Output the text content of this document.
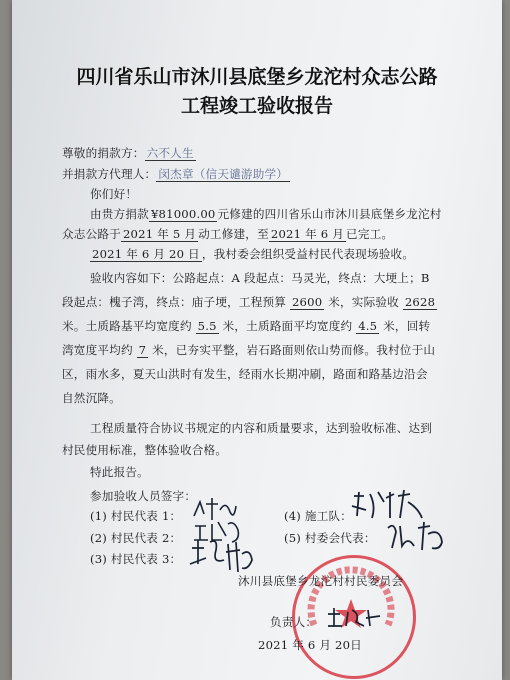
四川省乐山市沐川县底堡乡龙沱村众志公路
工程竣工验收报告
尊敬的捐款方： 六不人生
并捐款方代理人： 闵杰章（信天谴游助学）
你们好！
由贵方捐款 ¥81000.00 元修建的四川省乐山市沐川县底堡乡龙沱村
众志公路于 2021 年 5 月 动工修建，至 2021 年 6 月 已完工。
2021 年 6 月 20 日 ，我村委会组织受益村民代表现场验收。
验收内容如下：公路起点：A 段起点：马灵光，终点：大埂上；B
段起点：槐子湾，终点：庙子埂，工程预算 2600 米，实际验收 2628
米。土质路基平均宽度约 5.5 米，土质路面平均宽度约 4.5 米，回转
湾宽度平均约 7 米，已夯实平整，岩石路面则依山势而修。我村位于山
区，雨水多，夏天山洪时有发生，经雨水长期冲刷，路面和路基边沿会
自然沉降。
工程质量符合协议书规定的内容和质量要求，达到验收标准、达到
村民使用标准，整体验收合格。
特此报告。
参加验收人员签字：
(1) 村民代表 1：
(2) 村民代表 2：
(3) 村民代表 3：
(4) 施工队：
(5) 村委会代表：
沐川县底堡乡龙沱村村民委员会
负责人：
2021 年 6 月 20日
